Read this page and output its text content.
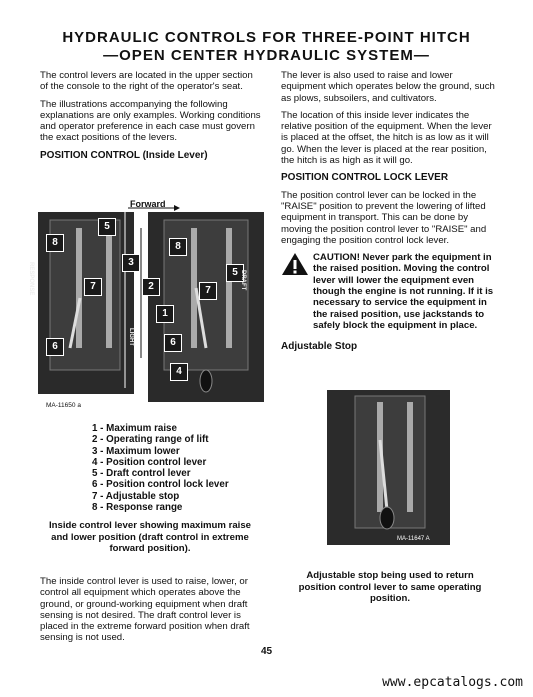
HYDRAULIC CONTROLS FOR THREE-POINT HITCH
—OPEN CENTER HYDRAULIC SYSTEM—

The control levers are located in the upper section of the console to the right of the operator's seat.

The illustrations accompanying the following explanations are only examples. Working conditions and operator preference in each case must govern the exact positions of the levers.

POSITION CONTROL (Inside Lever)
Forward
8
5
3
7
6
2
1
8
5
7
6
4
RESPONSE	DRAFT
LIGHT
MA-11650 a
1 - Maximum raise
2 - Operating range of lift
3 - Maximum lower
4 - Position control lever
5 - Draft control lever
6 - Position control lock lever
7 - Adjustable stop
8 - Response range
Inside control lever showing maximum raise and lower position (draft control in extreme forward position).
The inside control lever is used to raise, lower, or control all equipment which operates above the ground, or ground-working equipment when draft sensing is not desired. The draft control lever is placed in the extreme forward position when draft sensing is not used.

The lever is also used to raise and lower equipment which operates below the ground, such as plows, subsoilers, and cultivators.

The location of this inside lever indicates the relative position of the equipment. When the lever is placed at the offset, the hitch is as low as it will go. When the lever is placed at the rear position, the hitch is as high as it will go.

POSITION CONTROL LOCK LEVER

The position control lever can be locked in the "RAISE" position to prevent the lowering of lifted equipment in transport. This can be done by moving the position control lever to "RAISE" and engaging the position control lock lever.

CAUTION! Never park the equipment in the raised position. Moving the control lever will lower the equipment even though the engine is not running. If it is necessary to service the equipment in the raised position, use jackstands to safely block the equipment in place.
Adjustable Stop
MA-11647 A
Adjustable stop being used to return position control lever to same operating position.
45
www.epcatalogs.com
